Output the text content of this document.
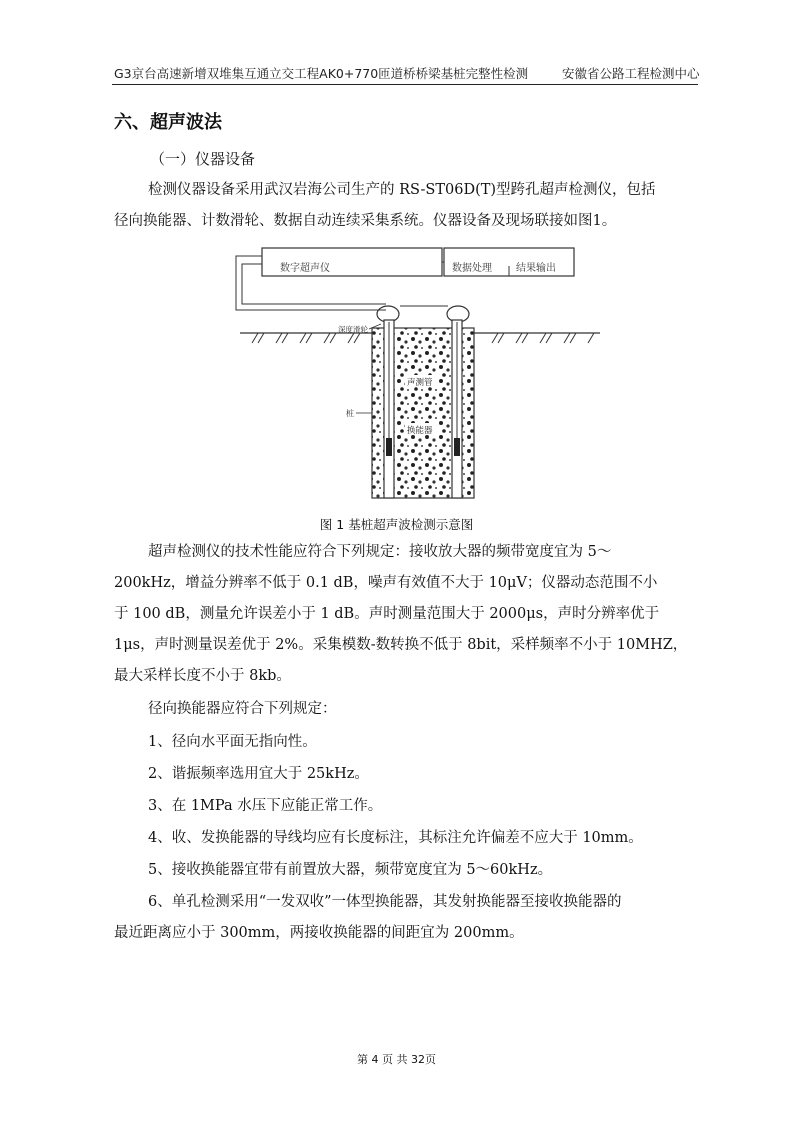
G3京台高速新增双堆集互通立交工程AK0+770匝道桥桥梁基桩完整性检测	安徽省公路工程检测中心
六、超声波法
（一）仪器设备
检测仪器设备采用武汉岩海公司生产的 RS-ST06D(T)型跨孔超声检测仪，包括
径向换能器、计数滑轮、数据自动连续采集系统。仪器设备及现场联接如图1。
数字超声仪	数据处理 结果输出
声测管
换能器
深度滑轮
桩
图 1 基桩超声波检测示意图
超声检测仪的技术性能应符合下列规定：接收放大器的频带宽度宜为 5～
200kHz，增益分辨率不低于 0.1 dB，噪声有效值不大于 10μV；仪器动态范围不小
于 100 dB，测量允许误差小于 1 dB。声时测量范围大于 2000μs，声时分辨率优于
1μs，声时测量误差优于 2%。采集模数-数转换不低于 8bit，采样频率不小于 10MHZ，
最大采样长度不小于 8kb。
径向换能器应符合下列规定：
1、径向水平面无指向性。
2、谐振频率选用宜大于 25kHz。
3、在 1MPa 水压下应能正常工作。
4、收、发换能器的导线均应有长度标注，其标注允许偏差不应大于 10mm。
5、接收换能器宜带有前置放大器，频带宽度宜为 5～60kHz。
6、单孔检测采用“一发双收”一体型换能器，其发射换能器至接收换能器的
最近距离应小于 300mm，两接收换能器的间距宜为 200mm。
第 4 页 共 32页
